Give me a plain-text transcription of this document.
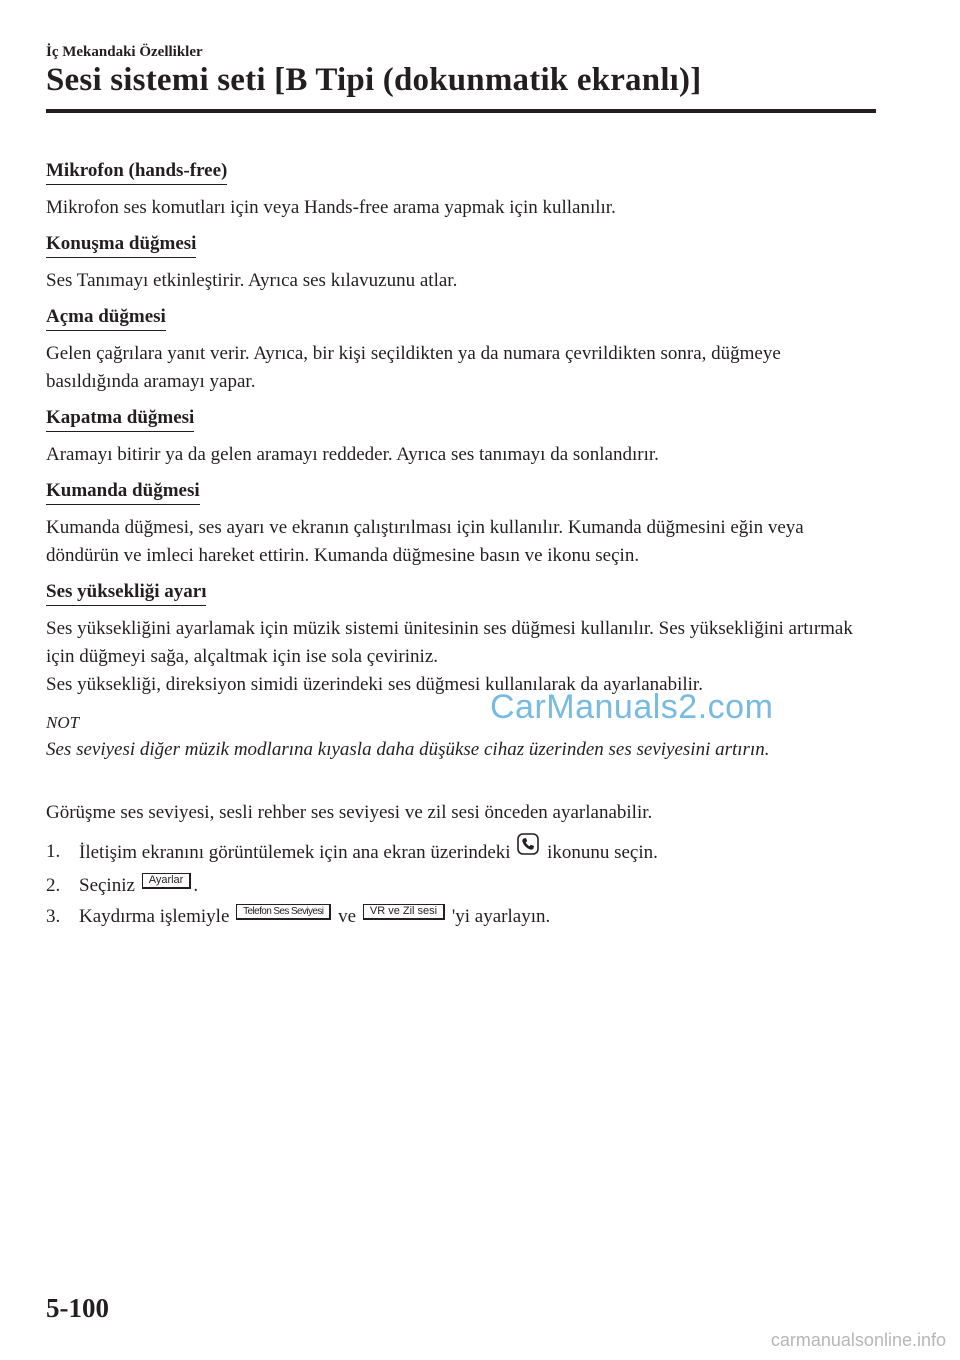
İç Mekandaki Özellikler
Sesi sistemi seti [B Tipi (dokunmatik ekranlı)]
Mikrofon (hands-free)

Mikrofon ses komutları için veya Hands-free arama yapmak için kullanılır.

Konuşma düğmesi

Ses Tanımayı etkinleştirir. Ayrıca ses kılavuzunu atlar.

Açma düğmesi

Gelen çağrılara yanıt verir. Ayrıca, bir kişi seçildikten ya da numara çevrildikten sonra, düğmeye basıldığında aramayı yapar.

Kapatma düğmesi

Aramayı bitirir ya da gelen aramayı reddeder. Ayrıca ses tanımayı da sonlandırır.

Kumanda düğmesi

Kumanda düğmesi, ses ayarı ve ekranın çalıştırılması için kullanılır. Kumanda düğmesini eğin veya döndürün ve imleci hareket ettirin. Kumanda düğmesine basın ve ikonu seçin.

Ses yüksekliği ayarı

Ses yüksekliğini ayarlamak için müzik sistemi ünitesinin ses düğmesi kullanılır. Ses yüksekliğini artırmak için düğmeyi sağa, alçaltmak için ise sola çeviriniz.

Ses yüksekliği, direksiyon simidi üzerindeki ses düğmesi kullanılarak da ayarlanabilir.

NOT
Ses seviyesi diğer müzik modlarına kıyasla daha düşükse cihaz üzerinden ses seviyesini artırın.

Görüşme ses seviyesi, sesli rehber ses seviyesi ve zil sesi önceden ayarlanabilir.

1. İletişim ekranını görüntülemek için ana ekran üzerindeki ikonunu seçin.
2. Seçiniz Ayarlar .
3. Kaydırma işlemiyle Telefon Ses Seviyesi ve VR ve Zil sesi 'yi ayarlayın.
CarManuals2.com
5-100
carmanualsonline.info
